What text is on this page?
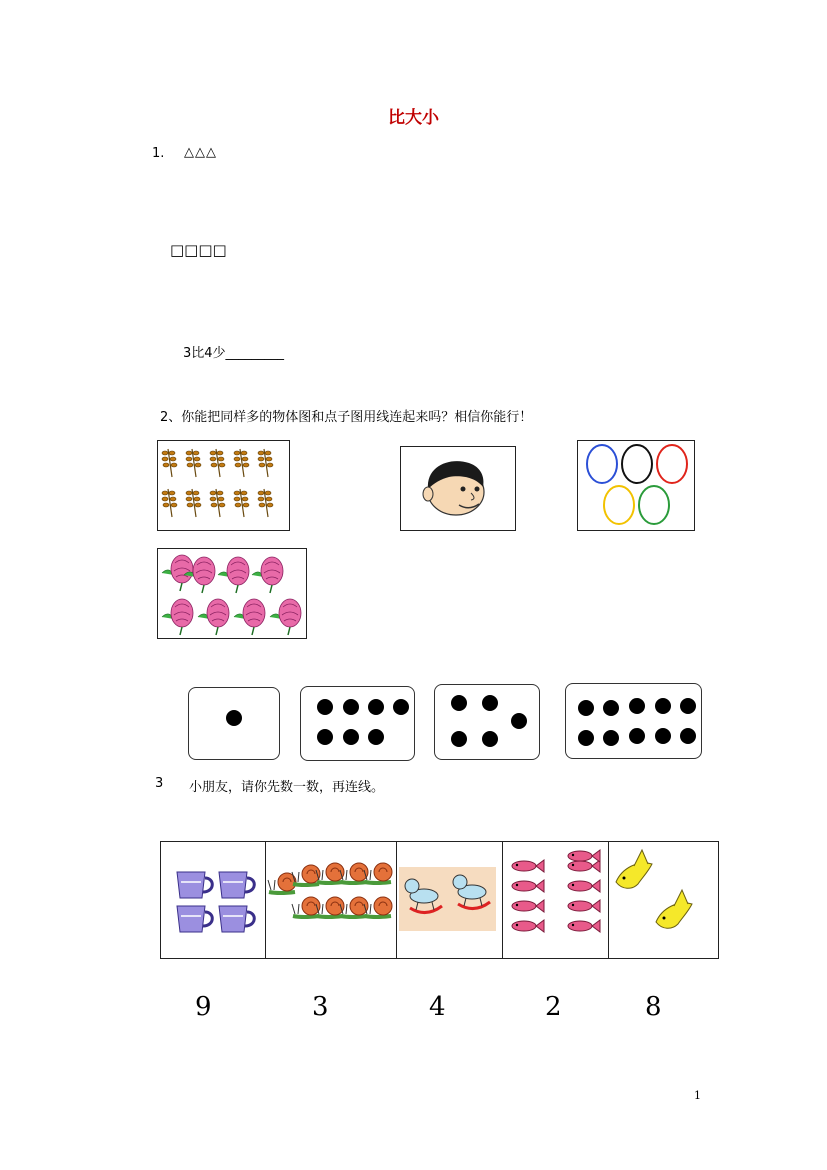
比大小
1. △△△
□□□□
3比4少_________
2、你能把同样多的物体图和点子图用线连起来吗？相信你能行！
3 小朋友，请你先数一数，再连线。
9	3	4	2	8
1
